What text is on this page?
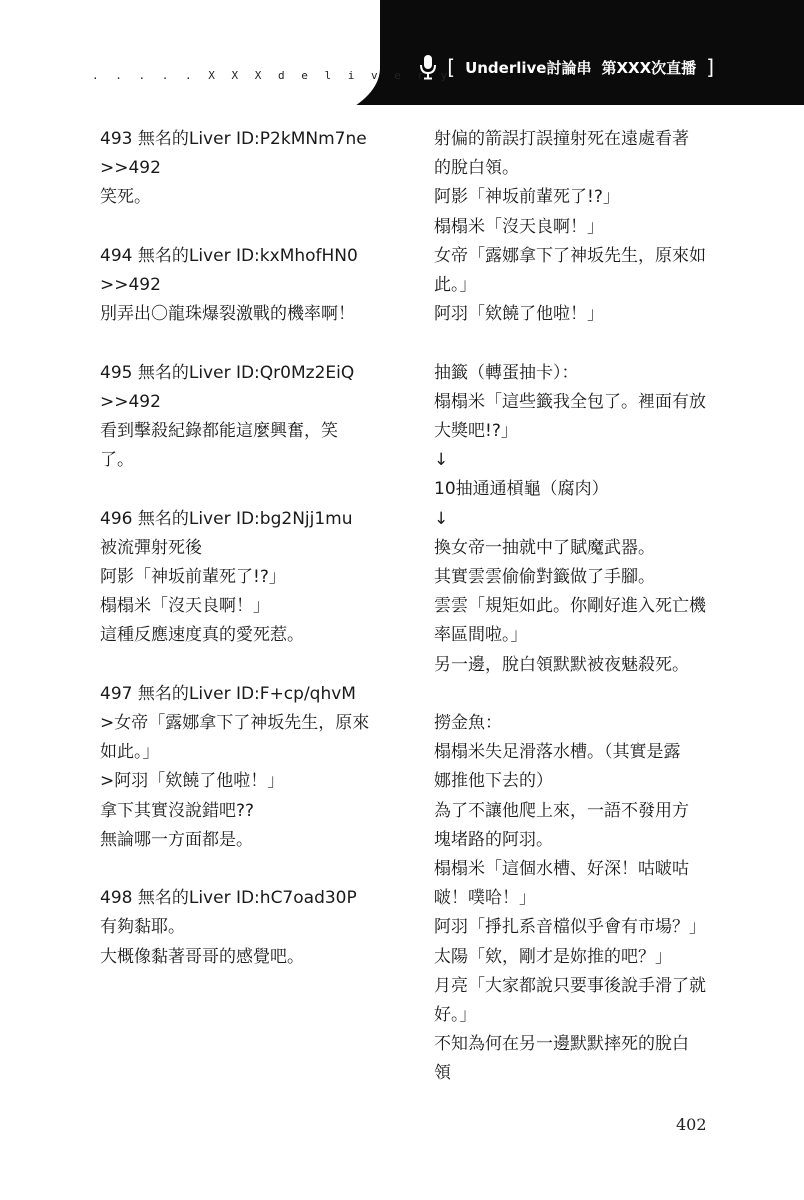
. . . . . X X X d e l i v e r y
[ Underlive討論串 第XXX次直播 ]
493 無名的Liver ID:P2kMNm7ne
>>492
笑死。
494 無名的Liver ID:kxMhofHN0
>>492
別弄出〇龍珠爆裂激戰的機率啊！
495 無名的Liver ID:Qr0Mz2EiQ
>>492
看到擊殺紀錄都能這麼興奮，笑
了。
496 無名的Liver ID:bg2Njj1mu
被流彈射死後
阿影「神坂前輩死了!?」
榻榻米「沒天良啊！」
這種反應速度真的愛死惹。
497 無名的Liver ID:F+cp/qhvM
>女帝「露娜拿下了神坂先生，原來
如此。」
>阿羽「欸饒了他啦！」
拿下其實沒說錯吧??
無論哪一方面都是。
498 無名的Liver ID:hC7oad30P
有夠黏耶。
大概像黏著哥哥的感覺吧。
射偏的箭誤打誤撞射死在遠處看著
的脫白領。
阿影「神坂前輩死了!?」
榻榻米「沒天良啊！」
女帝「露娜拿下了神坂先生，原來如
此。」
阿羽「欸饒了他啦！」
抽籤（轉蛋抽卡）：
榻榻米「這些籤我全包了。裡面有放
大獎吧!?」
↓
10抽通通槓龜（腐肉）
↓
換女帝一抽就中了賦魔武器。
其實雲雲偷偷對籤做了手腳。
雲雲「規矩如此。你剛好進入死亡機
率區間啦。」
另一邊，脫白領默默被夜魅殺死。
撈金魚：
榻榻米失足滑落水槽。（其實是露
娜推他下去的）
為了不讓他爬上來，一語不發用方
塊堵路的阿羽。
榻榻米「這個水槽、好深！咕啵咕
啵！噗哈！」
阿羽「掙扎系音檔似乎會有市場？」
太陽「欸，剛才是妳推的吧？」
月亮「大家都說只要事後說手滑了就
好。」
不知為何在另一邊默默摔死的脫白
領
402
